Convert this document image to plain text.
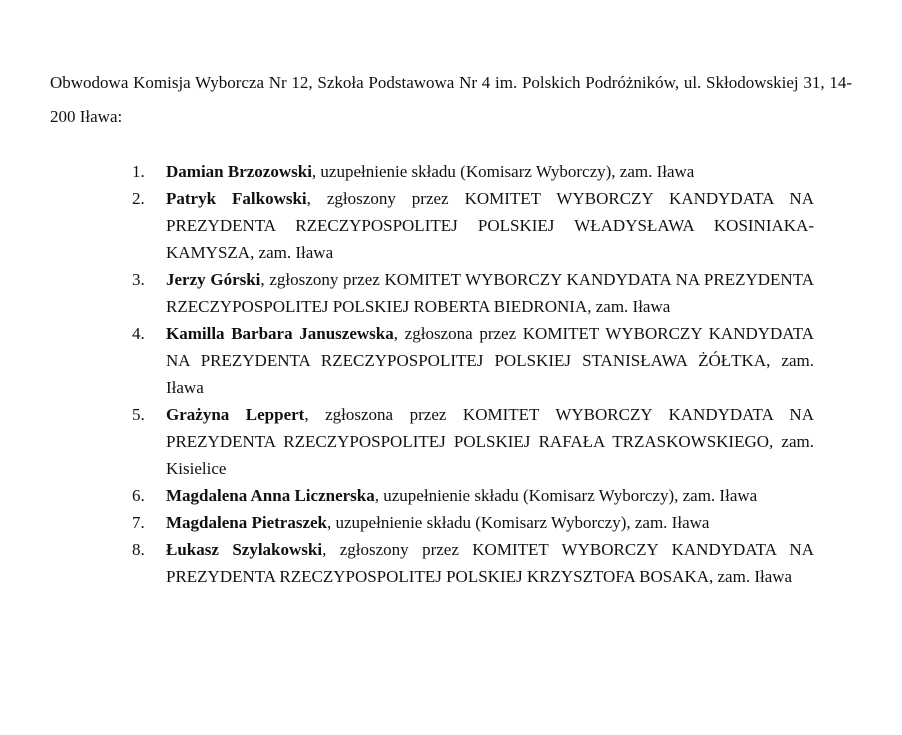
Obwodowa Komisja Wyborcza Nr 12, Szkoła Podstawowa Nr 4 im. Polskich Podróżników, ul. Skłodowskiej 31, 14-200 Iława:
1. Damian Brzozowski, uzupełnienie składu (Komisarz Wyborczy), zam. Iława
2. Patryk Falkowski, zgłoszony przez KOMITET WYBORCZY KANDYDATA NA PREZYDENTA RZECZYPOSPOLITEJ POLSKIEJ WŁADYSŁAWA KOSINIAKA-KAMYSZA, zam. Iława
3. Jerzy Górski, zgłoszony przez KOMITET WYBORCZY KANDYDATA NA PREZYDENTA RZECZYPOSPOLITEJ POLSKIEJ ROBERTA BIEDRONIA, zam. Iława
4. Kamilla Barbara Januszewska, zgłoszona przez KOMITET WYBORCZY KANDYDATA NA PREZYDENTA RZECZYPOSPOLITEJ POLSKIEJ STANISŁAWA ŻÓŁTKA, zam. Iława
5. Grażyna Leppert, zgłoszona przez KOMITET WYBORCZY KANDYDATA NA PREZYDENTA RZECZYPOSPOLITEJ POLSKIEJ RAFAŁA TRZASKOWSKIEGO, zam. Kisielice
6. Magdalena Anna Licznerska, uzupełnienie składu (Komisarz Wyborczy), zam. Iława
7. Magdalena Pietraszek, uzupełnienie składu (Komisarz Wyborczy), zam. Iława
8. Łukasz Szylakowski, zgłoszony przez KOMITET WYBORCZY KANDYDATA NA PREZYDENTA RZECZYPOSPOLITEJ POLSKIEJ KRZYSZTOFA BOSAKA, zam. Iława
